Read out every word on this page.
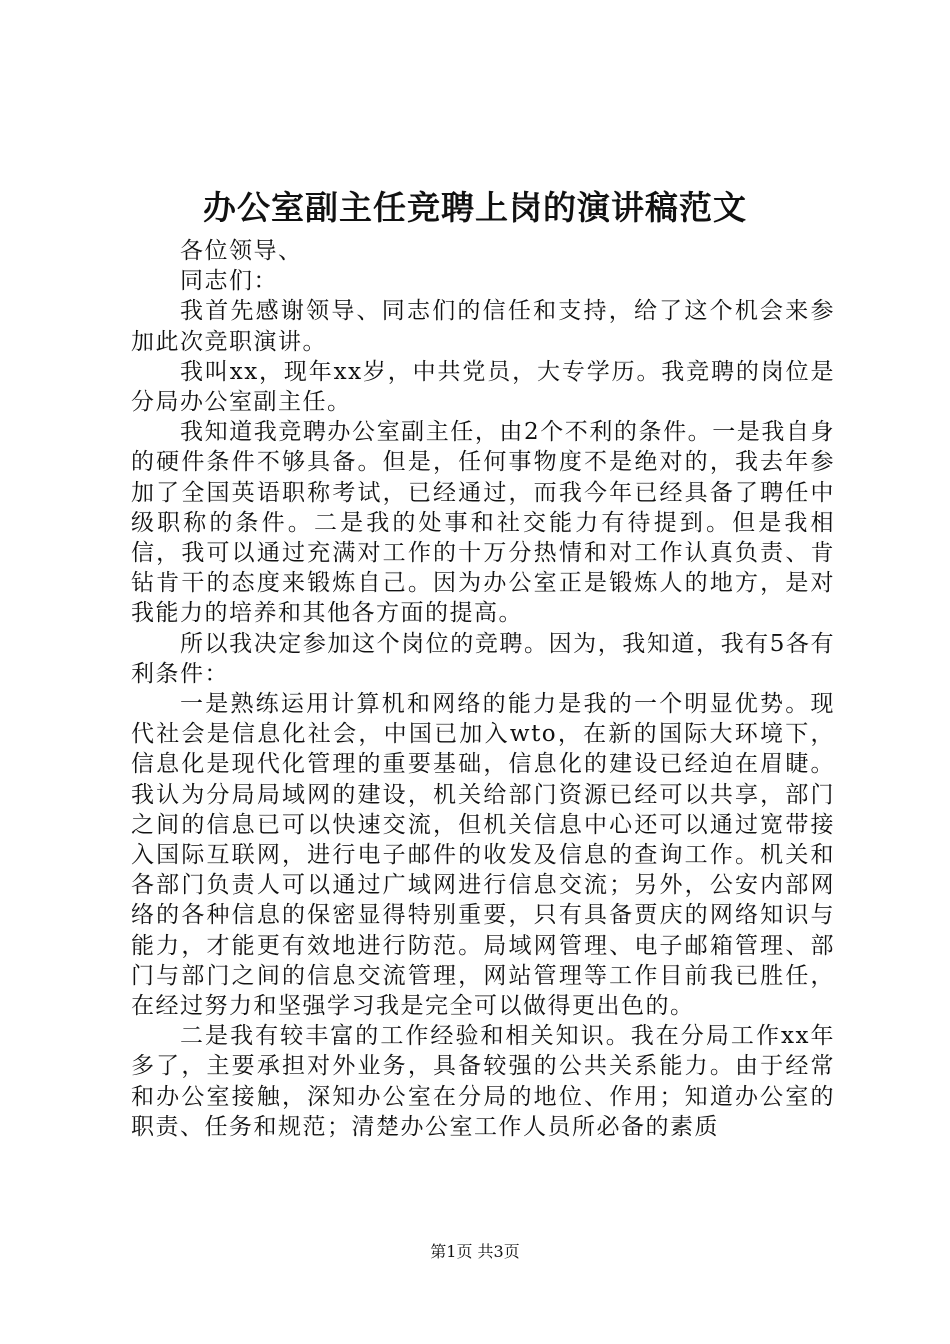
办公室副主任竞聘上岗的演讲稿范文

各位领导、

同志们：

我首先感谢领导、同志们的信任和支持，给了这个机会来参加此次竞职演讲。

我叫xx，现年xx岁，中共党员，大专学历。我竞聘的岗位是分局办公室副主任。

我知道我竞聘办公室副主任，由2个不利的条件。一是我自身的硬件条件不够具备。但是，任何事物度不是绝对的，我去年参加了全国英语职称考试，已经通过，而我今年已经具备了聘任中级职称的条件。二是我的处事和社交能力有待提到。但是我相信，我可以通过充满对工作的十万分热情和对工作认真负责、肯钻肯干的态度来锻炼自己。因为办公室正是锻炼人的地方，是对我能力的培养和其他各方面的提高。

所以我决定参加这个岗位的竞聘。因为，我知道，我有5各有利条件：

一是熟练运用计算机和网络的能力是我的一个明显优势。现代社会是信息化社会，中国已加入wto，在新的国际大环境下，信息化是现代化管理的重要基础，信息化的建设已经迫在眉睫。我认为分局局域网的建设，机关给部门资源已经可以共享，部门之间的信息已可以快速交流，但机关信息中心还可以通过宽带接入国际互联网，进行电子邮件的收发及信息的查询工作。机关和各部门负责人可以通过广域网进行信息交流；另外，公安内部网络的各种信息的保密显得特别重要，只有具备贾庆的网络知识与能力，才能更有效地进行防范。局域网管理、电子邮箱管理、部门与部门之间的信息交流管理，网站管理等工作目前我已胜任，在经过努力和坚强学习我是完全可以做得更出色的。

二是我有较丰富的工作经验和相关知识。我在分局工作xx年多了，主要承担对外业务，具备较强的公共关系能力。由于经常和办公室接触，深知办公室在分局的地位、作用；知道办公室的职责、任务和规范；清楚办公室工作人员所必备的素质

第1页 共3页
